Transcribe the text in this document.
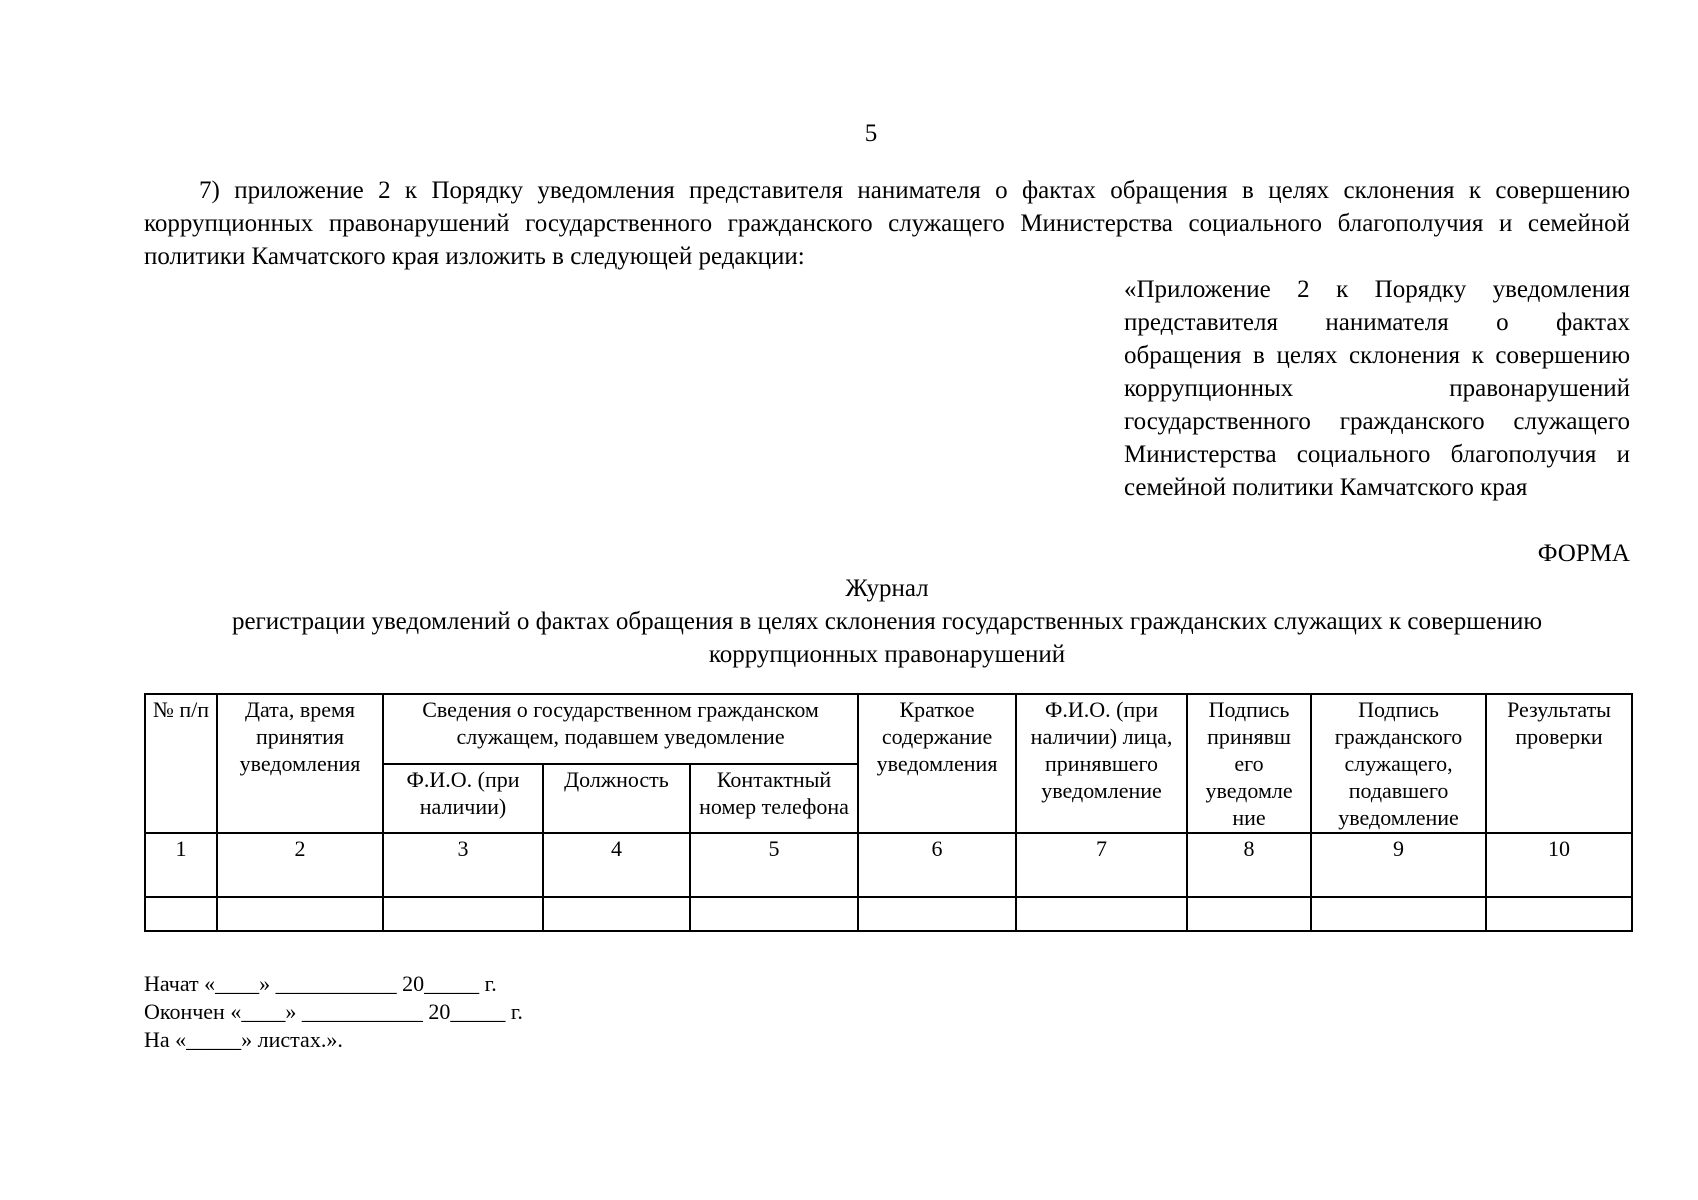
5

7) приложение 2 к Порядку уведомления представителя нанимателя о фактах обращения в целях склонения к совершению коррупционных правонарушений государственного гражданского служащего Министерства социального благополучия и семейной политики Камчатского края изложить в следующей редакции:

«Приложение 2 к Порядку уведомления представителя нанимателя о фактах обращения в целях склонения к совершению коррупционных правонарушений государственного гражданского служащего Министерства социального благополучия и семейной политики Камчатского края

ФОРМА

Журнал

регистрации уведомлений о фактах обращения в целях склонения государственных гражданских служащих к совершению коррупционных правонарушений

№ п/п	Дата, время принятия уведомления	Сведения о государственном гражданском служащем, подавшем уведомление			Краткое содержание уведомления	Ф.И.О. (при наличии) лица, принявшего уведомление	Подпись принявш его уведомле ние	Подпись гражданского служащего, подавшего уведомление	Результаты проверки
		Ф.И.О. (при наличии)	Должность	Контактный номер телефона					
1	2	3	4	5	6	7	8	9	10

Начат «____» ___________ 20_____ г.
Окончен «____» ___________ 20_____ г.
На «_____» листах.».
